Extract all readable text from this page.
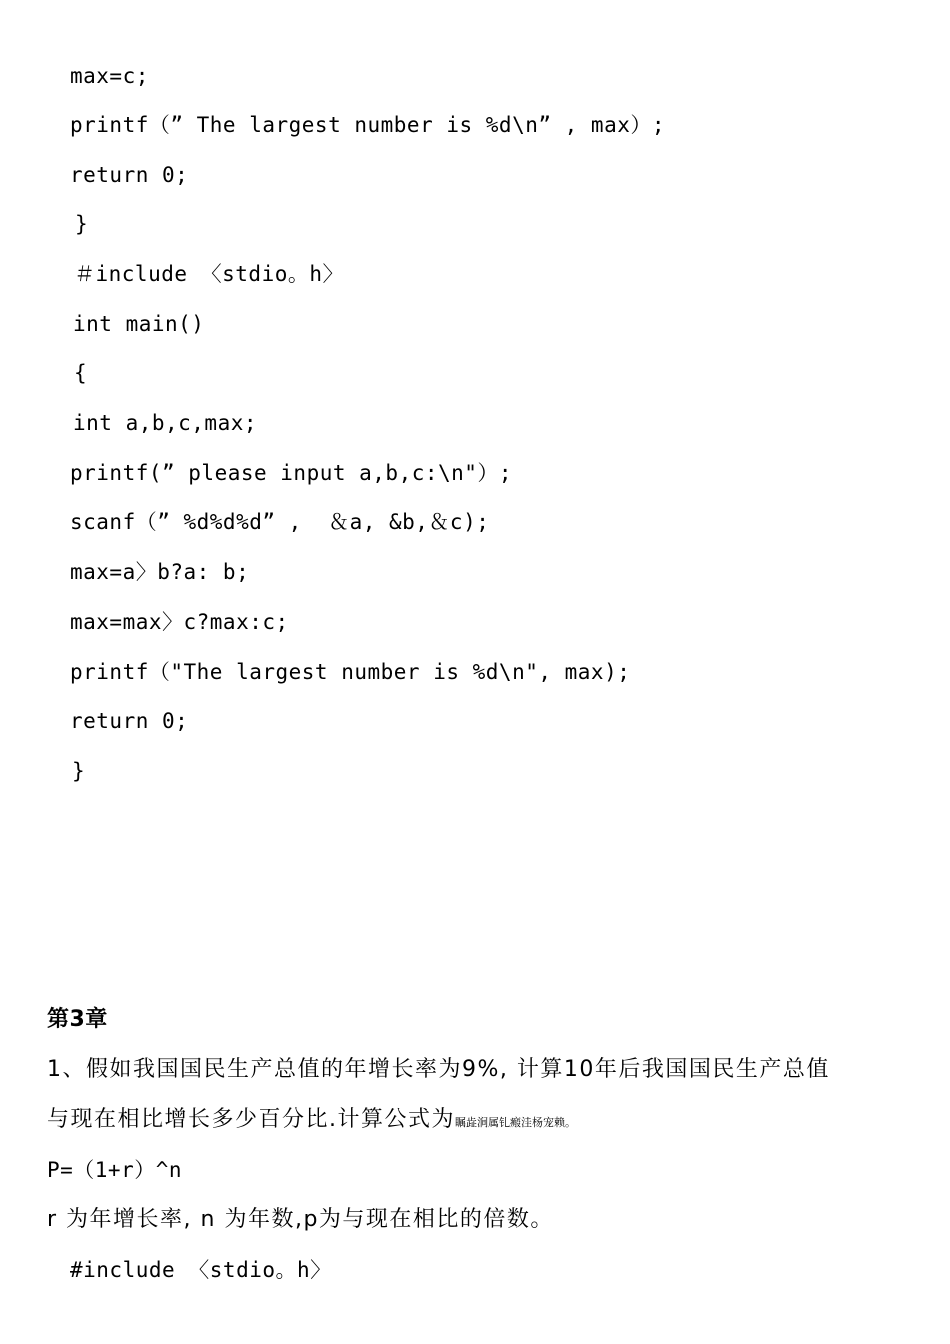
max=c;
printf（” The largest number is %d\n” , max）;
return 0;
}
＃include 〈stdio。h〉
int main()
{
int a,b,c,max;
printf(” please input a,b,c:\n"）;
scanf（” %d%d%d” ,  ＆a, &b,＆c);
max=a〉b?a: b;
max=max〉c?max:c;
printf（"The largest number is %d\n", max);
return 0;
}
第3章
1、假如我国国民生产总值的年增长率为9%, 计算10年后我国国民生产总值
与现在相比增长多少百分比.计算公式为瞩歮涧属钆瘢洼杨宠赖。
P=（1+r）^n
r 为年增长率, n 为年数,p为与现在相比的倍数。
#include 〈stdio。h〉
